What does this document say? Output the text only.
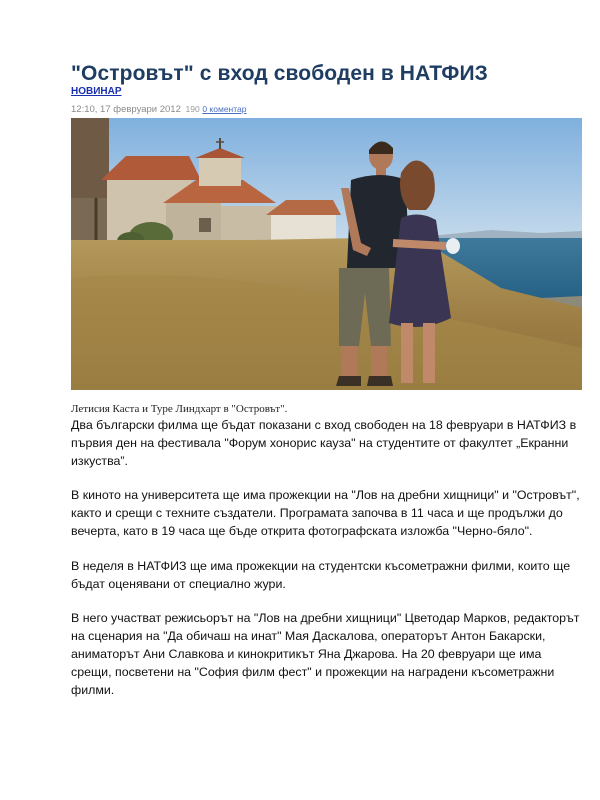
"Островът" с вход свободен в НАТФИЗ
НОВИНАР
12:10, 17 февруари 2012 190 0 коментар
Летисия Каста и Туре Линдхарт в "Островът".

Два български филма ще бъдат показани с вход свободен на 18 февруари в НАТФИЗ в първия ден на фестивала "Форум хонорис кауза" на студентите от факултет „Екранни изкуства”.

В киното на университета ще има прожекции на "Лов на дребни хищници" и "Островът", както и срещи с техните създатели. Програмата започва в 11 часа и ще продължи до вечерта, като в 19 часа ще бъде открита фотографската изложба "Черно-бяло".

В неделя в НАТФИЗ ще има прожекции на студентски късометражни филми, които ще бъдат оценявани от специално жури.

В него участват режисьорът на "Лов на дребни хищници" Цветодар Марков, редакторът на сценария на "Да обичаш на инат" Мая Даскалова, операторът Антон Бакарски, аниматорът Ани Славкова и кинокритикът Яна Джарова. На 20 февруари ще има срещи, посветени на "София филм фест" и прожекции на наградени късометражни филми.
